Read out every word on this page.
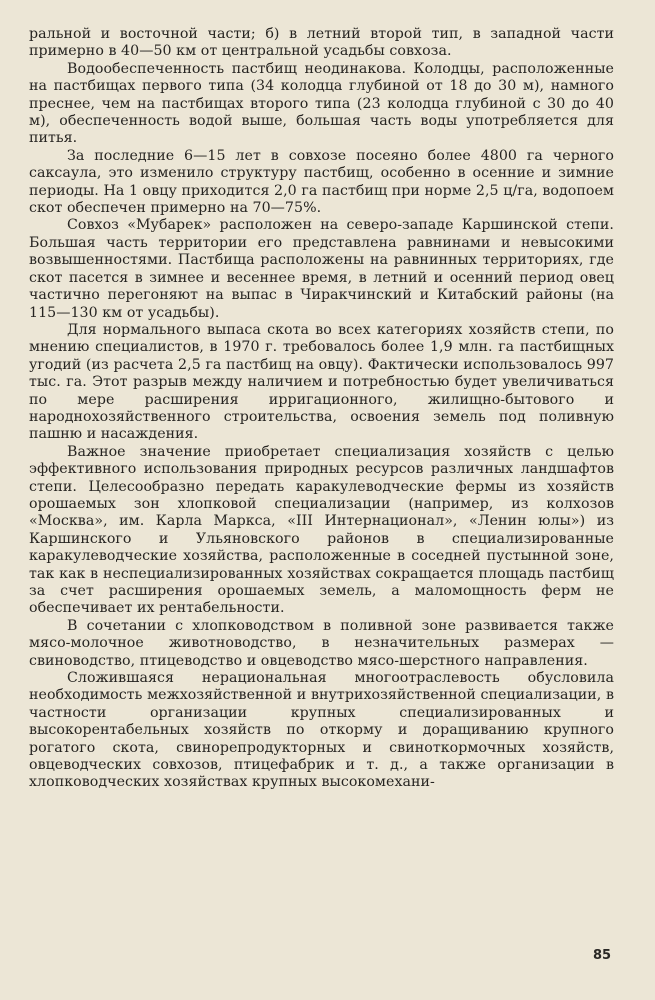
ральной и восточной части; б) в летний второй тип, в западной части примерно в 40—50 км от центральной усадьбы совхоза.

Водообеспеченность пастбищ неодинакова. Колодцы, расположенные на пастбищах первого типа (34 колодца глубиной от 18 до 30 м), намного преснее, чем на пастбищах второго типа (23 колодца глубиной с 30 до 40 м), обеспеченность водой выше, большая часть воды употребляется для питья.

За последние 6—15 лет в совхозе посеяно более 4800 га черного саксаула, это изменило структуру пастбищ, особенно в осенние и зимние периоды. На 1 овцу приходится 2,0 га пастбищ при норме 2,5 ц/га, водопоем скот обеспечен примерно на 70—75%.

Совхоз «Мубарек» расположен на северо-западе Каршинской степи. Большая часть территории его представлена равнинами и невысокими возвышенностями. Пастбища расположены на равнинных территориях, где скот пасется в зимнее и весеннее время, в летний и осенний период овец частично перегоняют на выпас в Чиракчинский и Китабский районы (на 115—130 км от усадьбы).

Для нормального выпаса скота во всех категориях хозяйств степи, по мнению специалистов, в 1970 г. требовалось более 1,9 млн. га пастбищных угодий (из расчета 2,5 га пастбищ на овцу). Фактически использовалось 997 тыс. га. Этот разрыв между наличием и потребностью будет увеличиваться по мере расширения ирригационного, жилищно-бытового и народнохозяйственного строительства, освоения земель под поливную пашню и насаждения.

Важное значение приобретает специализация хозяйств с целью эффективного использования природных ресурсов различных ландшафтов степи. Целесообразно передать каракулеводческие фермы из хозяйств орошаемых зон хлопковой специализации (например, из колхозов «Москва», им. Карла Маркса, «III Интернационал», «Ленин юлы») из Каршинского и Ульяновского районов в специализированные каракулеводческие хозяйства, расположенные в соседней пустынной зоне, так как в неспециализированных хозяйствах сокращается площадь пастбищ за счет расширения орошаемых земель, а маломощность ферм не обеспечивает их рентабельности.

В сочетании с хлопководством в поливной зоне развивается также мясо-молочное животноводство, в незначительных размерах — свиноводство, птицеводство и овцеводство мясо-шерстного направления.

Сложившаяся нерациональная многоотраслевость обусловила необходимость межхозяйственной и внутрихозяйственной специализации, в частности организации крупных специализированных и высокорентабельных хозяйств по откорму и доращиванию крупного рогатого скота, свинорепродукторных и свиноткормочных хозяйств, овцеводческих совхозов, птицефабрик и т. д., а также организации в хлопководческих хозяйствах крупных высокомехани-

85
